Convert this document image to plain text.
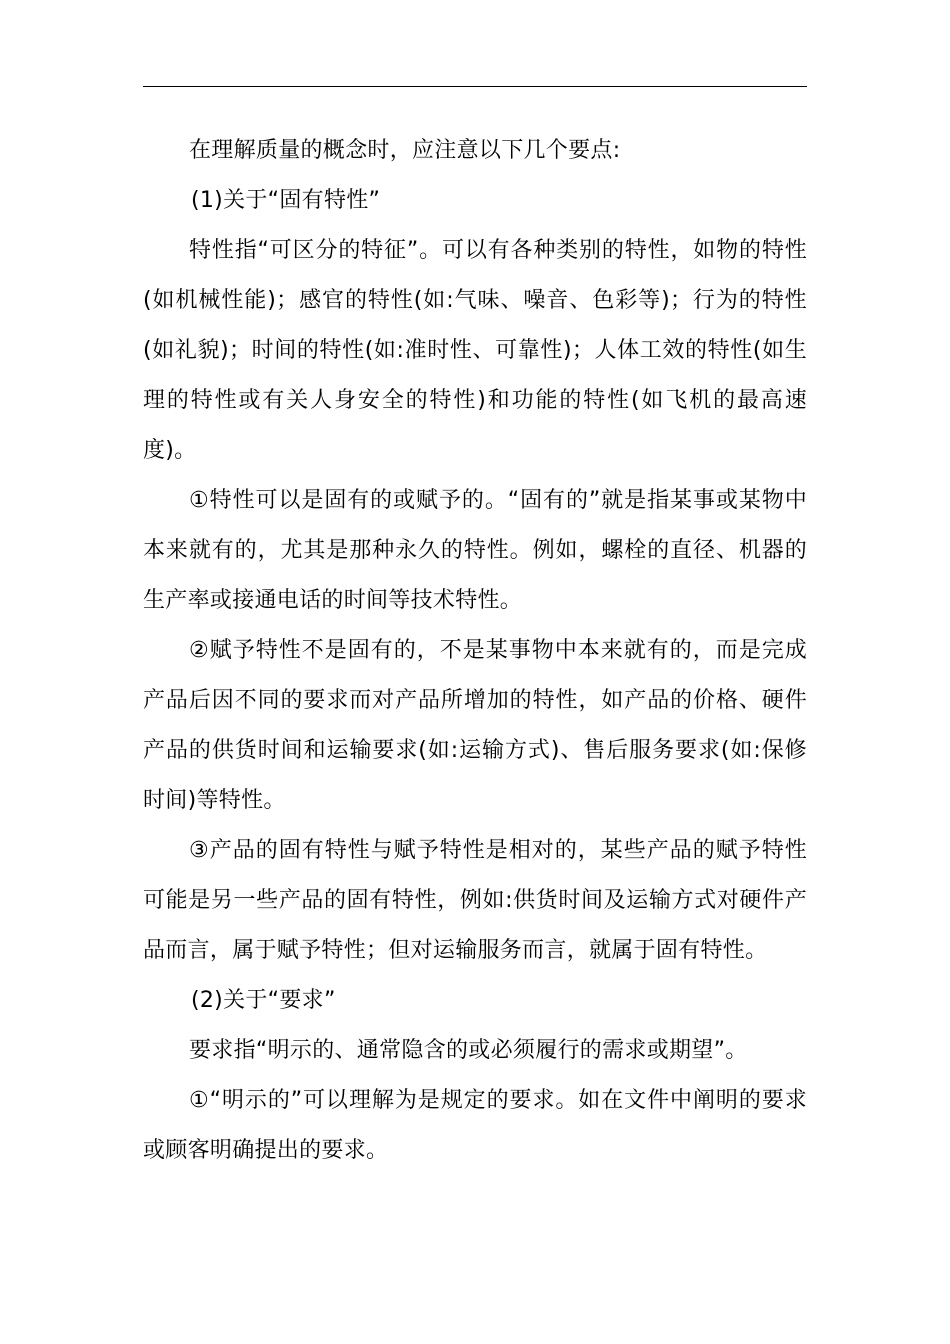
在理解质量的概念时，应注意以下几个要点:

(1)关于“固有特性”

特性指“可区分的特征”。可以有各种类别的特性，如物的特性(如机械性能)；感官的特性(如:气味、噪音、色彩等)；行为的特性(如礼貌)；时间的特性(如:准时性、可靠性)；人体工效的特性(如生理的特性或有关人身安全的特性)和功能的特性(如飞机的最高速度)。

①特性可以是固有的或赋予的。“固有的”就是指某事或某物中本来就有的，尤其是那种永久的特性。例如，螺栓的直径、机器的生产率或接通电话的时间等技术特性。

②赋予特性不是固有的，不是某事物中本来就有的，而是完成产品后因不同的要求而对产品所增加的特性，如产品的价格、硬件产品的供货时间和运输要求(如:运输方式)、售后服务要求(如:保修时间)等特性。

③产品的固有特性与赋予特性是相对的，某些产品的赋予特性可能是另一些产品的固有特性，例如:供货时间及运输方式对硬件产品而言，属于赋予特性；但对运输服务而言，就属于固有特性。

(2)关于“要求”

要求指“明示的、通常隐含的或必须履行的需求或期望”。

①“明示的”可以理解为是规定的要求。如在文件中阐明的要求或顾客明确提出的要求。
